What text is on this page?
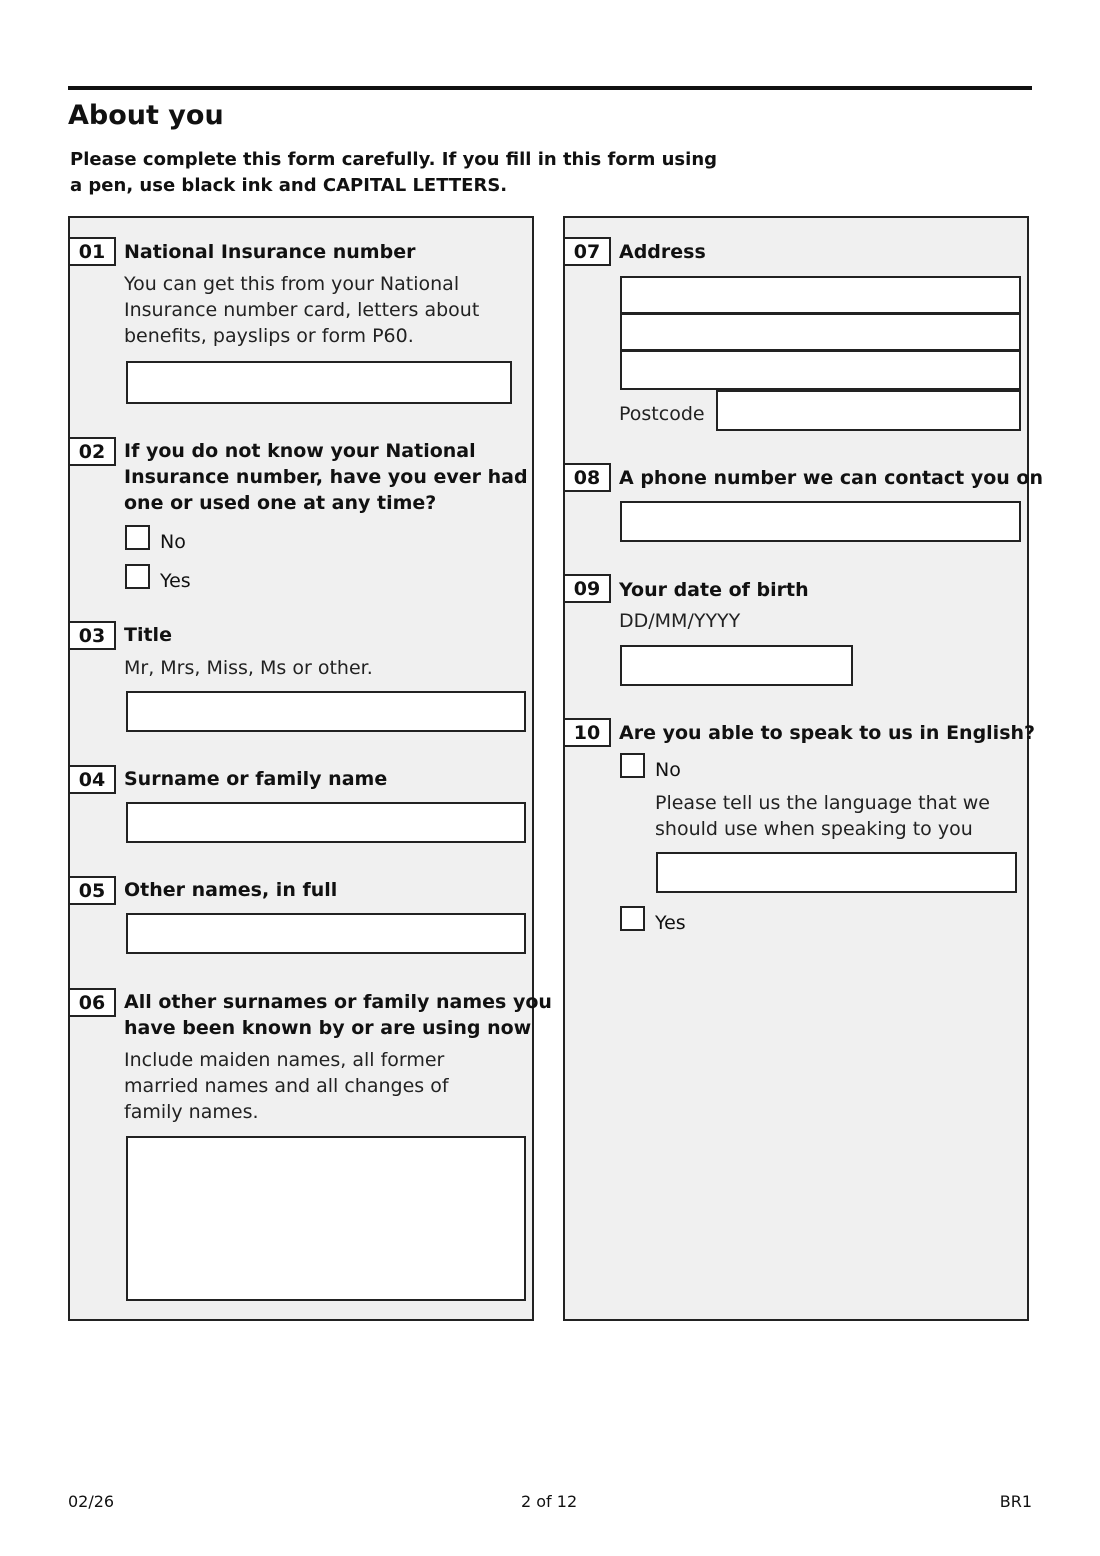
About you
Please complete this form carefully. If you fill in this form using
a pen, use black ink and CAPITAL LETTERS.
01 National Insurance number
You can get this from your National
Insurance number card, letters about
benefits, payslips or form P60.
02 If you do not know your National
Insurance number, have you ever had
one or used one at any time?
No
Yes
03 Title
Mr, Mrs, Miss, Ms or other.
04 Surname or family name
05 Other names, in full
06 All other surnames or family names you
have been known by or are using now
Include maiden names, all former
married names and all changes of
family names.
07 Address
Postcode
08 A phone number we can contact you on
09 Your date of birth
DD/MM/YYYY
10 Are you able to speak to us in English?
No
Please tell us the language that we
should use when speaking to you
Yes
02/26	2 of 12	BR1
